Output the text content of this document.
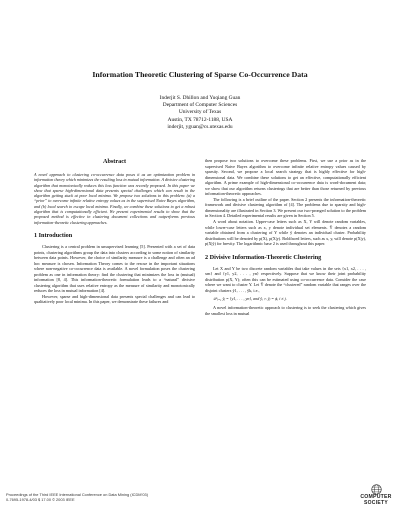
Information Theoretic Clustering of Sparse Co-Occurrence Data
Inderjit S. Dhillon and Yuqiang Guan
Department of Computer Sciences
University of Texas
Austin, TX 78712-1188, USA
inderjit, yguan@cs.utexas.edu
Abstract
A novel approach to clustering co-occurrence data poses it as an optimization problem in information theory which minimizes the resulting loss in mutual information. A divisive clustering algorithm that monotonically reduces this loss function was recently proposed. In this paper we show that sparse high-dimensional data presents special challenges which can result in the algorithm getting stuck at poor local minima. We propose two solutions to this problem: (a) a “prior” to overcome infinite relative entropy values as in the supervised Naive Bayes algorithm, and (b) local search to escape local minima. Finally, we combine these solutions to get a robust algorithm that is computationally efficient. We present experimental results to show that the proposed method is effective in clustering document collections and outperforms previous information-theoretic clustering approaches.
1 Introduction

Clustering is a central problem in unsupervised learning [5]. Presented with a set of data points, clustering algorithms group the data into clusters according to some notion of similarity between data points. However, the choice of similarity measure is a challenge and often an ad hoc measure is chosen. Information Theory comes to the rescue in the important situations where non-negative co-occurrence data is available. A novel formulation poses the clustering problem as one in information theory: find the clustering that minimizes the loss in (mutual) information [8, 4]. This information-theoretic formulation leads to a “natural” divisive clustering algorithm that uses relative entropy as the measure of similarity and monotonically reduces the loss in mutual information [4].

However, sparse and high-dimensional data presents special challenges and can lead to qualitatively poor local minima. In this paper, we demonstrate these failures and

then propose two solutions to overcome these problems. First, we use a prior as in the supervised Naive Bayes algorithm to overcome infinite relative entropy values caused by sparsity. Second, we propose a local search strategy that is highly effective for high-dimensional data. We combine these solutions to get an effective, computationally efficient algorithm. A prime example of high-dimensional co-occurrence data is word-document data; we show that our algorithm returns clusterings that are better than those returned by previous information-theoretic approaches.

The following is a brief outline of the paper. Section 2 presents the information-theoretic framework and divisive clustering algorithm of [4]. The problems due to sparsity and high-dimensionality are illustrated in Section 3. We present our two-pronged solution to the problem in Section 4. Detailed experimental results are given in Section 5.

A word about notation. Upper-case letters such as X, Y will denote random variables, while lower-case letters such as x, y denote individual set elements. Ŷ denotes a random variable obtained from a clustering of Y while ŷ denotes an individual cluster. Probability distributions will be denoted by p(X), p(X|y). Boldfaced letters, such as x, y, will denote p(X|y), p(X|ŷ) for brevity. The logarithmic base 2 is used throughout this paper.

2 Divisive Information-Theoretic Clustering

Let X and Y be two discrete random variables that take values in the sets {x1, x2, . . . , xm} and {y1, y2, . . . , yn} respectively. Suppose that we know their joint probability distribution p(X, Y); often this can be estimated using co-occurrence data. Consider the case where we want to cluster Y. Let Ŷ denote the “clustered” random variable that ranges over the disjoint clusters ŷ1, . . . , ŷk, i.e.,

∪ᵏⱼ₌₁ ŷⱼ = {y1, . . . , yn}, and ŷᵢ ∩ ŷⱼ = ϕ, i ≠ j.

A novel information-theoretic approach to clustering is to seek the clustering which gives the smallest loss in mutual

Proceedings of the Third IEEE International Conference on Data Mining (ICDM’03)
0-7695-1978-4/03 $ 17.00 © 2003 IEEE	COMPUTER
SOCIETY
